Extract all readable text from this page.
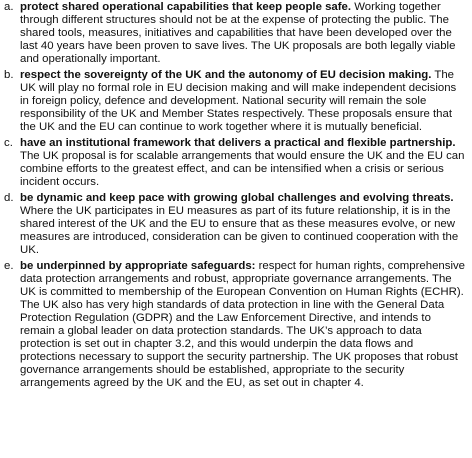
a. protect shared operational capabilities that keep people safe. Working together through different structures should not be at the expense of protecting the public. The shared tools, measures, initiatives and capabilities that have been developed over the last 40 years have been proven to save lives. The UK proposals are both legally viable and operationally important.
b. respect the sovereignty of the UK and the autonomy of EU decision making. The UK will play no formal role in EU decision making and will make independent decisions in foreign policy, defence and development. National security will remain the sole responsibility of the UK and Member States respectively. These proposals ensure that the UK and the EU can continue to work together where it is mutually beneficial.
c. have an institutional framework that delivers a practical and flexible partnership. The UK proposal is for scalable arrangements that would ensure the UK and the EU can combine efforts to the greatest effect, and can be intensified when a crisis or serious incident occurs.
d. be dynamic and keep pace with growing global challenges and evolving threats. Where the UK participates in EU measures as part of its future relationship, it is in the shared interest of the UK and the EU to ensure that as these measures evolve, or new measures are introduced, consideration can be given to continued cooperation with the UK.
e. be underpinned by appropriate safeguards: respect for human rights, comprehensive data protection arrangements and robust, appropriate governance arrangements. The UK is committed to membership of the European Convention on Human Rights (ECHR). The UK also has very high standards of data protection in line with the General Data Protection Regulation (GDPR) and the Law Enforcement Directive, and intends to remain a global leader on data protection standards. The UK’s approach to data protection is set out in chapter 3.2, and this would underpin the data flows and protections necessary to support the security partnership. The UK proposes that robust governance arrangements should be established, appropriate to the security arrangements agreed by the UK and the EU, as set out in chapter 4.
